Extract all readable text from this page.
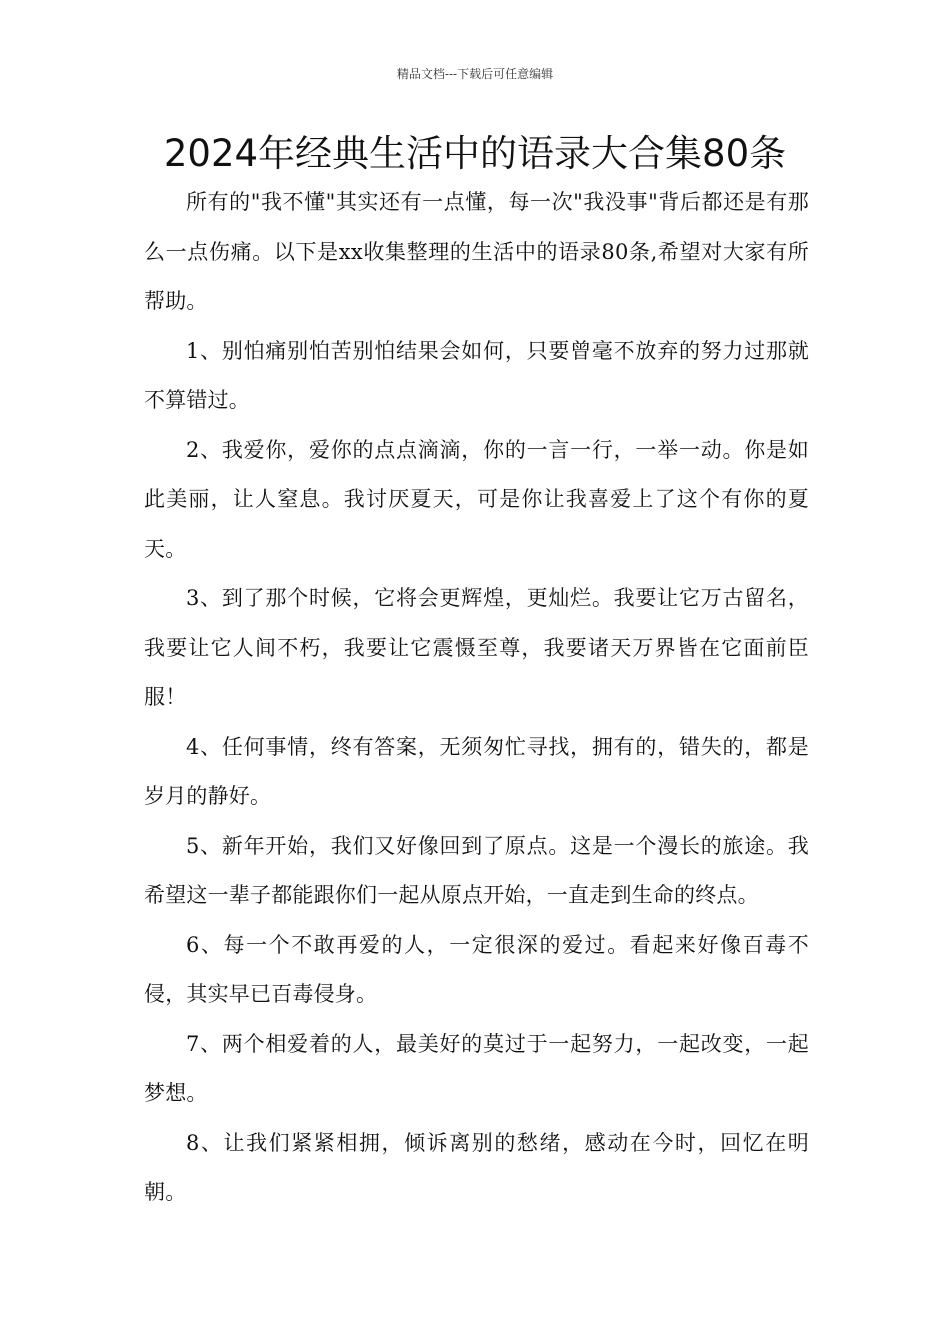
精品文档---下载后可任意编辑
2024年经典生活中的语录大合集80条

所有的"我不懂"其实还有一点懂，每一次"我没事"背后都还是有那么一点伤痛。以下是xx收集整理的生活中的语录80条,希望对大家有所帮助。

1、别怕痛别怕苦别怕结果会如何，只要曾毫不放弃的努力过那就不算错过。

2、我爱你，爱你的点点滴滴，你的一言一行，一举一动。你是如此美丽，让人窒息。我讨厌夏天，可是你让我喜爱上了这个有你的夏天。

3、到了那个时候，它将会更辉煌，更灿烂。我要让它万古留名，我要让它人间不朽，我要让它震慑至尊，我要诸天万界皆在它面前臣服！

4、任何事情，终有答案，无须匆忙寻找，拥有的，错失的，都是岁月的静好。

5、新年开始，我们又好像回到了原点。这是一个漫长的旅途。我希望这一辈子都能跟你们一起从原点开始，一直走到生命的终点。

6、每一个不敢再爱的人，一定很深的爱过。看起来好像百毒不侵，其实早已百毒侵身。

7、两个相爱着的人，最美好的莫过于一起努力，一起改变，一起梦想。

8、让我们紧紧相拥，倾诉离别的愁绪，感动在今时，回忆在明朝。
